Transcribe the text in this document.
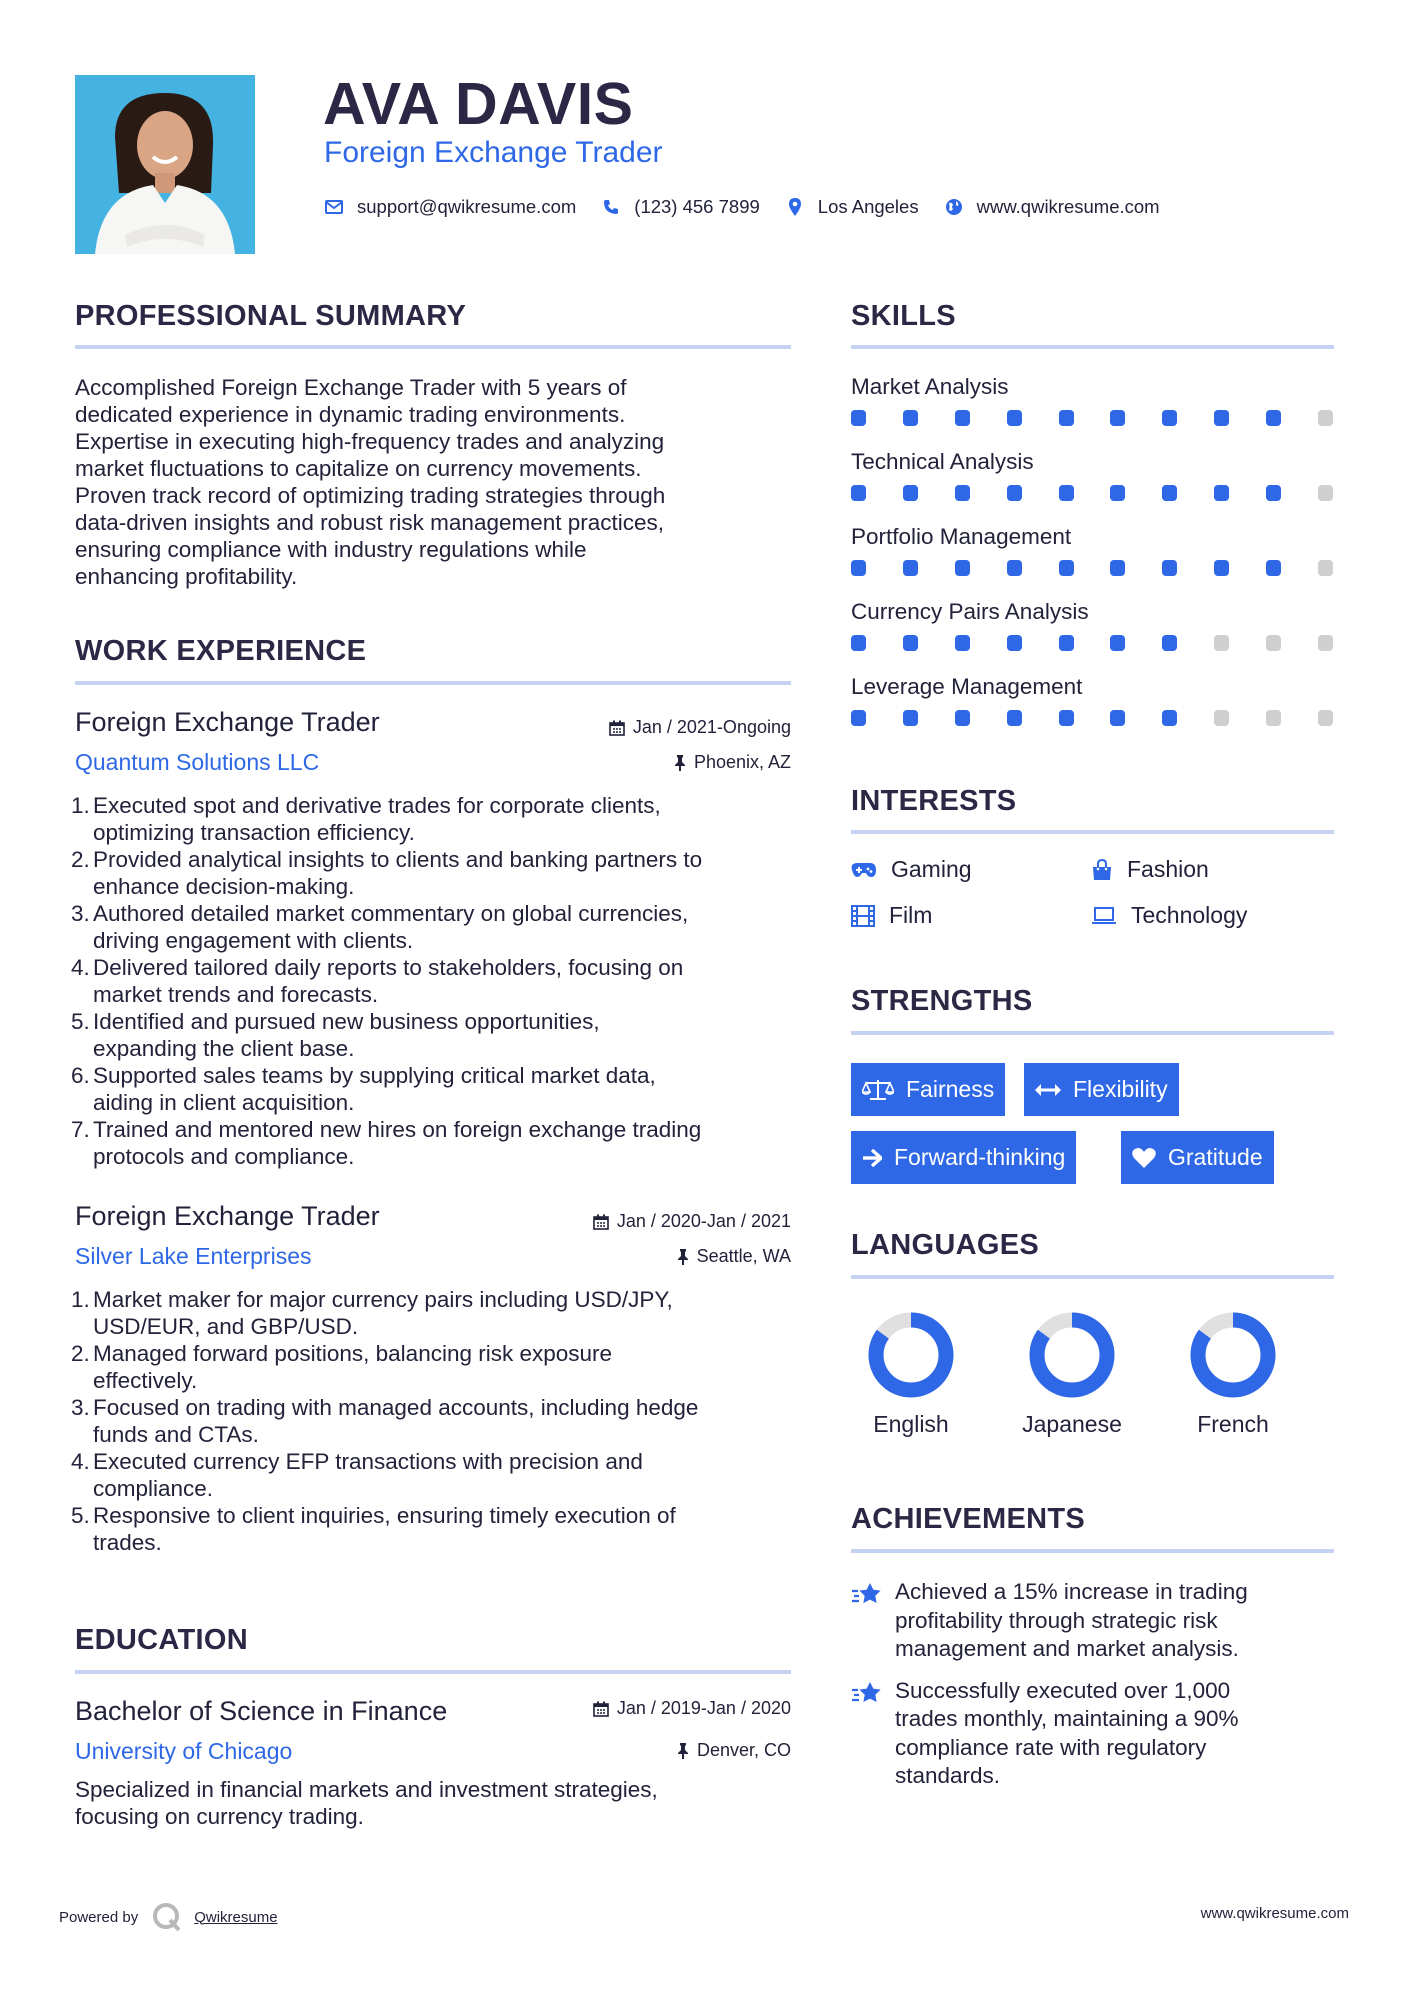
AVA DAVIS
Foreign Exchange Trader
support@qwikresume.com	(123) 456 7899	Los Angeles	www.qwikresume.com
PROFESSIONAL SUMMARY
Accomplished Foreign Exchange Trader with 5 years of
dedicated experience in dynamic trading environments.
Expertise in executing high-frequency trades and analyzing
market fluctuations to capitalize on currency movements.
Proven track record of optimizing trading strategies through
data-driven insights and robust risk management practices,
ensuring compliance with industry regulations while
enhancing profitability.
WORK EXPERIENCE
Foreign Exchange Trader
Quantum Solutions LLC
Jan / 2021-Ongoing
Phoenix, AZ
1. Executed spot and derivative trades for corporate clients,
optimizing transaction efficiency.
2. Provided analytical insights to clients and banking partners to
enhance decision-making.
3. Authored detailed market commentary on global currencies,
driving engagement with clients.
4. Delivered tailored daily reports to stakeholders, focusing on
market trends and forecasts.
5. Identified and pursued new business opportunities,
expanding the client base.
6. Supported sales teams by supplying critical market data,
aiding in client acquisition.
7. Trained and mentored new hires on foreign exchange trading
protocols and compliance.
Foreign Exchange Trader
Silver Lake Enterprises
Jan / 2020-Jan / 2021
Seattle, WA
1. Market maker for major currency pairs including USD/JPY,
USD/EUR, and GBP/USD.
2. Managed forward positions, balancing risk exposure
effectively.
3. Focused on trading with managed accounts, including hedge
funds and CTAs.
4. Executed currency EFP transactions with precision and
compliance.
5. Responsive to client inquiries, ensuring timely execution of
trades.
EDUCATION
Bachelor of Science in Finance
University of Chicago
Jan / 2019-Jan / 2020
Denver, CO
Specialized in financial markets and investment strategies,
focusing on currency trading.
SKILLS
Market Analysis
Technical Analysis
Portfolio Management
Currency Pairs Analysis
Leverage Management
INTERESTS
Gaming	Fashion
Film	Technology
STRENGTHS
Fairness	Flexibility
Forward-thinking	Gratitude
LANGUAGES
English	Japanese	French
ACHIEVEMENTS
Achieved a 15% increase in trading
profitability through strategic risk
management and market analysis.
Successfully executed over 1,000
trades monthly, maintaining a 90%
compliance rate with regulatory
standards.
Powered by	Qwikresume	www.qwikresume.com
